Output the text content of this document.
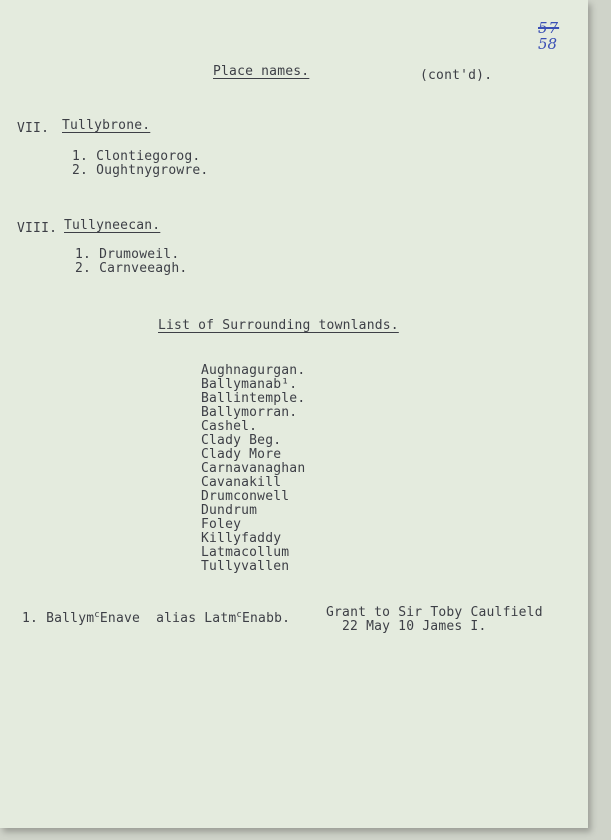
57
58
Place names.	(cont'd).
VII. Tullybrone.
1. Clontiegorog.
2. Oughtnygrowre.
VIII. Tullyneecan.
1. Drumoweil.
2. Carnveeagh.
List of Surrounding townlands.
Aughnagurgan.
Ballymanab¹.
Ballintemple.
Ballymorran.
Cashel.
Clady Beg.
Clady More
Carnavanaghan
Cavanakill
Drumconwell
Dundrum
Foley
Killyfaddy
Latmacollum
Tullyvallen
1. Ballym$^c$Enave alias Latm$^c$Enabb.	Grant to Sir Toby Caulfield
22 May 10 James I.
